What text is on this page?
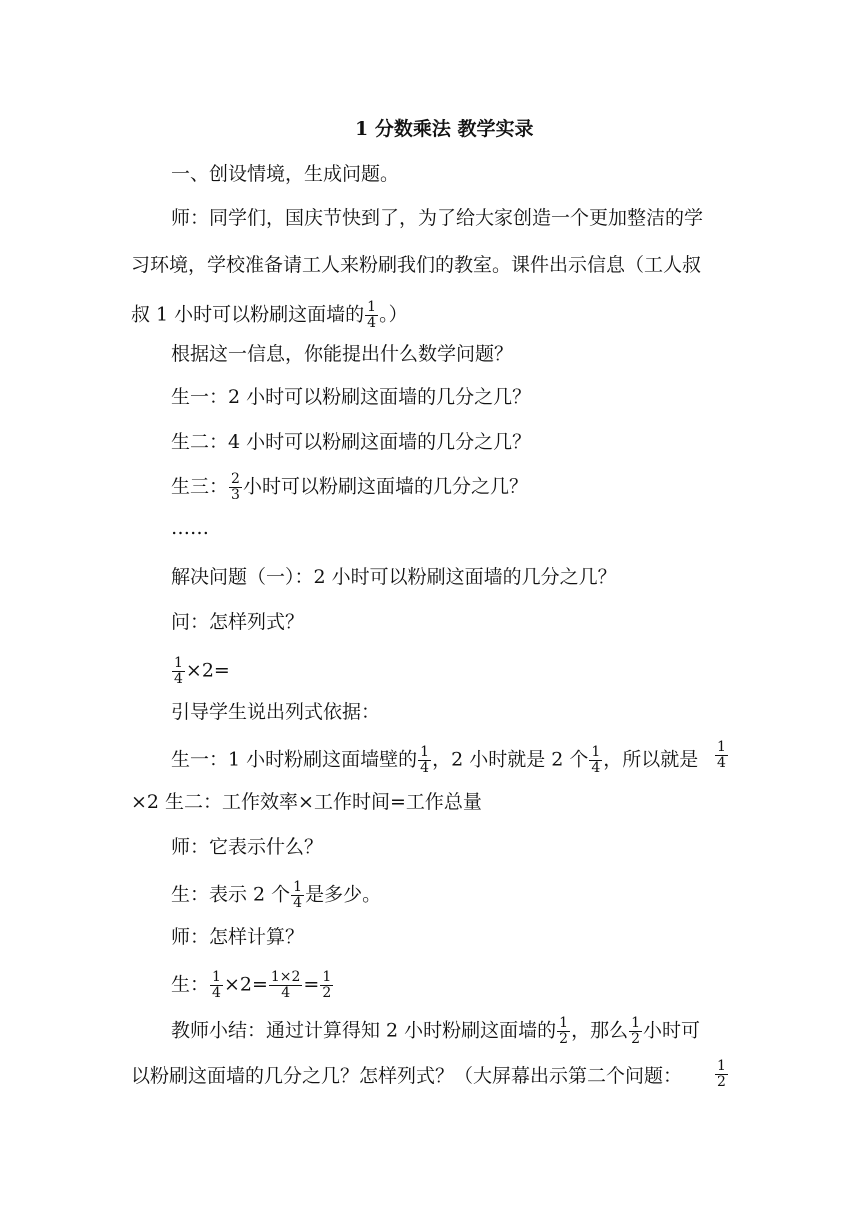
1 分数乘法 教学实录
一、创设情境，生成问题。
师：同学们，国庆节快到了，为了给大家创造一个更加整洁的学
习环境，学校准备请工人来粉刷我们的教室。课件出示信息（工人叔
叔 1 小时可以粉刷这面墙的 $\frac{1}{4}$ 。）
根据这一信息，你能提出什么数学问题？
生一：2 小时可以粉刷这面墙的几分之几？
生二：4 小时可以粉刷这面墙的几分之几？
生三： $\frac{2}{3}$ 小时可以粉刷这面墙的几分之几？
……
解决问题（一）：2 小时可以粉刷这面墙的几分之几？
问：怎样列式？
$\frac{1}{4} \times 2=$
引导学生说出列式依据：
生一：1 小时粉刷这面墙壁的 $\frac{1}{4}$ ，2 小时就是 2 个 $\frac{1}{4}$ ，所以就是 $\frac{1}{4}$
×2 生二：工作效率×工作时间=工作总量
师：它表示什么？
生：表示 2 个 $\frac{1}{4}$ 是多少。
师：怎样计算？
生： $\frac{1}{4} \times 2= \frac{1\times 2}{4} = \frac{1}{2}$
教师小结：通过计算得知 2 小时粉刷这面墙的 $\frac{1}{2}$ ，那么 $\frac{1}{2}$ 小时可
以粉刷这面墙的几分之几？怎样列式？（大屏幕出示第二个问题： $\frac{1}{2}$
